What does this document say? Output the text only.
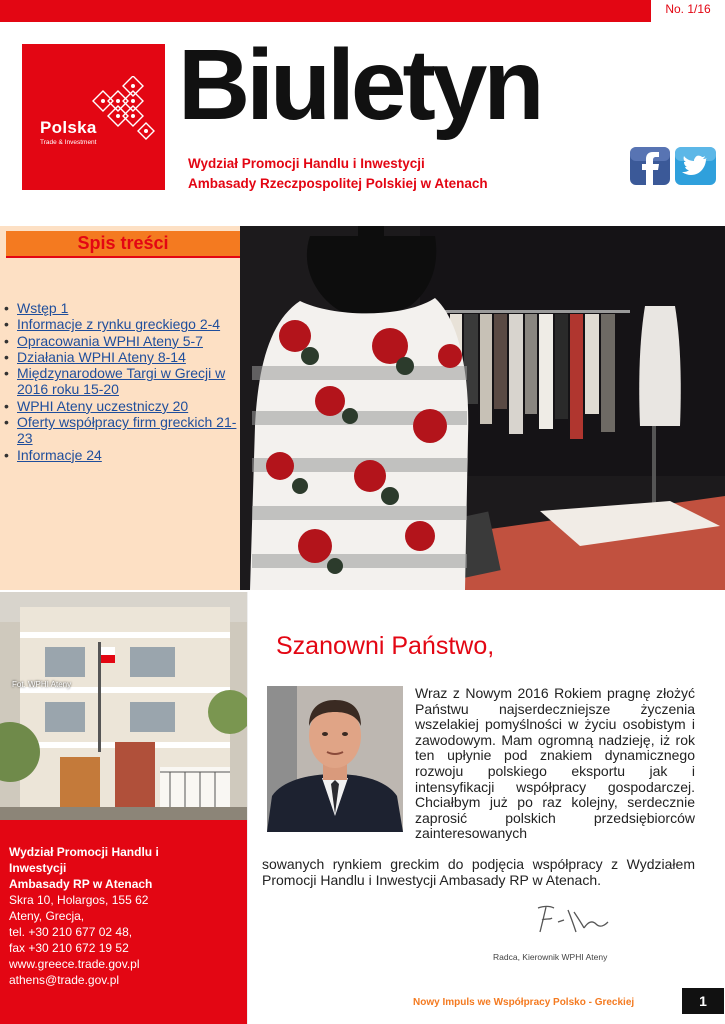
No. 1/16
Polska
Trade & Investment
Biuletyn
Wydział Promocji Handlu i Inwestycji
Ambasady Rzeczpospolitej Polskiej w Atenach
Spis treści
• Wstęp 1
• Informacje z rynku greckiego 2-4
• Opracowania WPHI Ateny 5-7
• Działania WPHI Ateny 8-14
• Międzynarodowe Targi w Grecji w 2016 roku 15-20
• WPHI Ateny uczestniczy 20
• Oferty współpracy firm greckich 21- 23
• Informacje 24
Fot. WPHI Ateny
Wydział Promocji Handlu i Inwestycji
Ambasady RP w Atenach
Skra 10, Holargos, 155 62
Ateny, Grecja,
tel. +30 210 677 02 48,
fax +30 210 672 19 52
www.greece.trade.gov.pl
athens@trade.gov.pl
Szanowni Państwo,
Wraz z Nowym 2016 Rokiem pragnę złożyć Państwu najserdeczniejsze życzenia wszelakiej pomyślności w życiu osobistym i zawodowym. Mam ogromną nadzieję, iż rok ten upłynie pod znakiem dynamicznego rozwoju polskiego eksportu jak i intensyfikacji współpracy gospodarczej. Chciałbym już po raz kolejny, serdecznie zaprosić polskich przedsiębiorców zainteresowanych
sowanych rynkiem greckim do podjęcia współpracy z Wydziałem Promocji Handlu i Inwestycji Ambasady RP w Atenach.
Radca, Kierownik WPHI Ateny
Nowy Impuls we Współpracy Polsko - Greckiej	1
